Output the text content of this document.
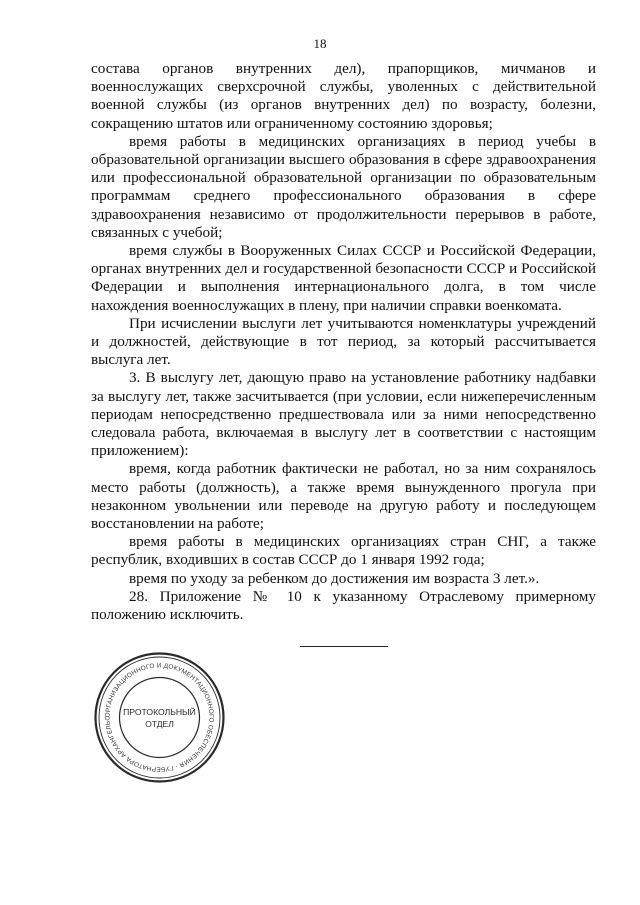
18

состава органов внутренних дел), прапорщиков, мичманов и военнослужащих сверхсрочной службы, уволенных с действительной военной службы (из органов внутренних дел) по возрасту, болезни, сокращению штатов или ограниченному состоянию здоровья;

время работы в медицинских организациях в период учебы в образовательной организации высшего образования в сфере здравоохранения или профессиональной образовательной организации по образовательным программам среднего профессионального образования в сфере здравоохранения независимо от продолжительности перерывов в работе, связанных с учебой;

время службы в Вооруженных Силах СССР и Российской Федерации, органах внутренних дел и государственной безопасности СССР и Российской Федерации и выполнения интернационального долга, в том числе нахождения военнослужащих в плену, при наличии справки военкомата.

При исчислении выслуги лет учитываются номенклатуры учреждений и должностей, действующие в тот период, за который рассчитывается выслуга лет.

3. В выслугу лет, дающую право на установление работнику надбавки за выслугу лет, также засчитывается (при условии, если нижеперечисленным периодам непосредственно предшествовала или за ними непосредственно следовала работа, включаемая в выслугу лет в соответствии с настоящим приложением):

время, когда работник фактически не работал, но за ним сохранялось место работы (должность), а также время вынужденного прогула при незаконном увольнении или переводе на другую работу и последующем восстановлении на работе;

время работы в медицинских организациях стран СНГ, а также республик, входивших в состав СССР до 1 января 1992 года;

время по уходу за ребенком до достижения им возраста 3 лет.».

28. Приложение № 10 к указанному Отраслевому примерному положению исключить.

ОРГАНИЗАЦИОННОГО И ДОКУМЕНТАЦИОННОГО ОБЕСПЕЧЕНИЯ · ГУБЕРНАТОРА АРХАНГЕЛЬС
ПРОТОКОЛЬНЫЙ
ОТДЕЛ
